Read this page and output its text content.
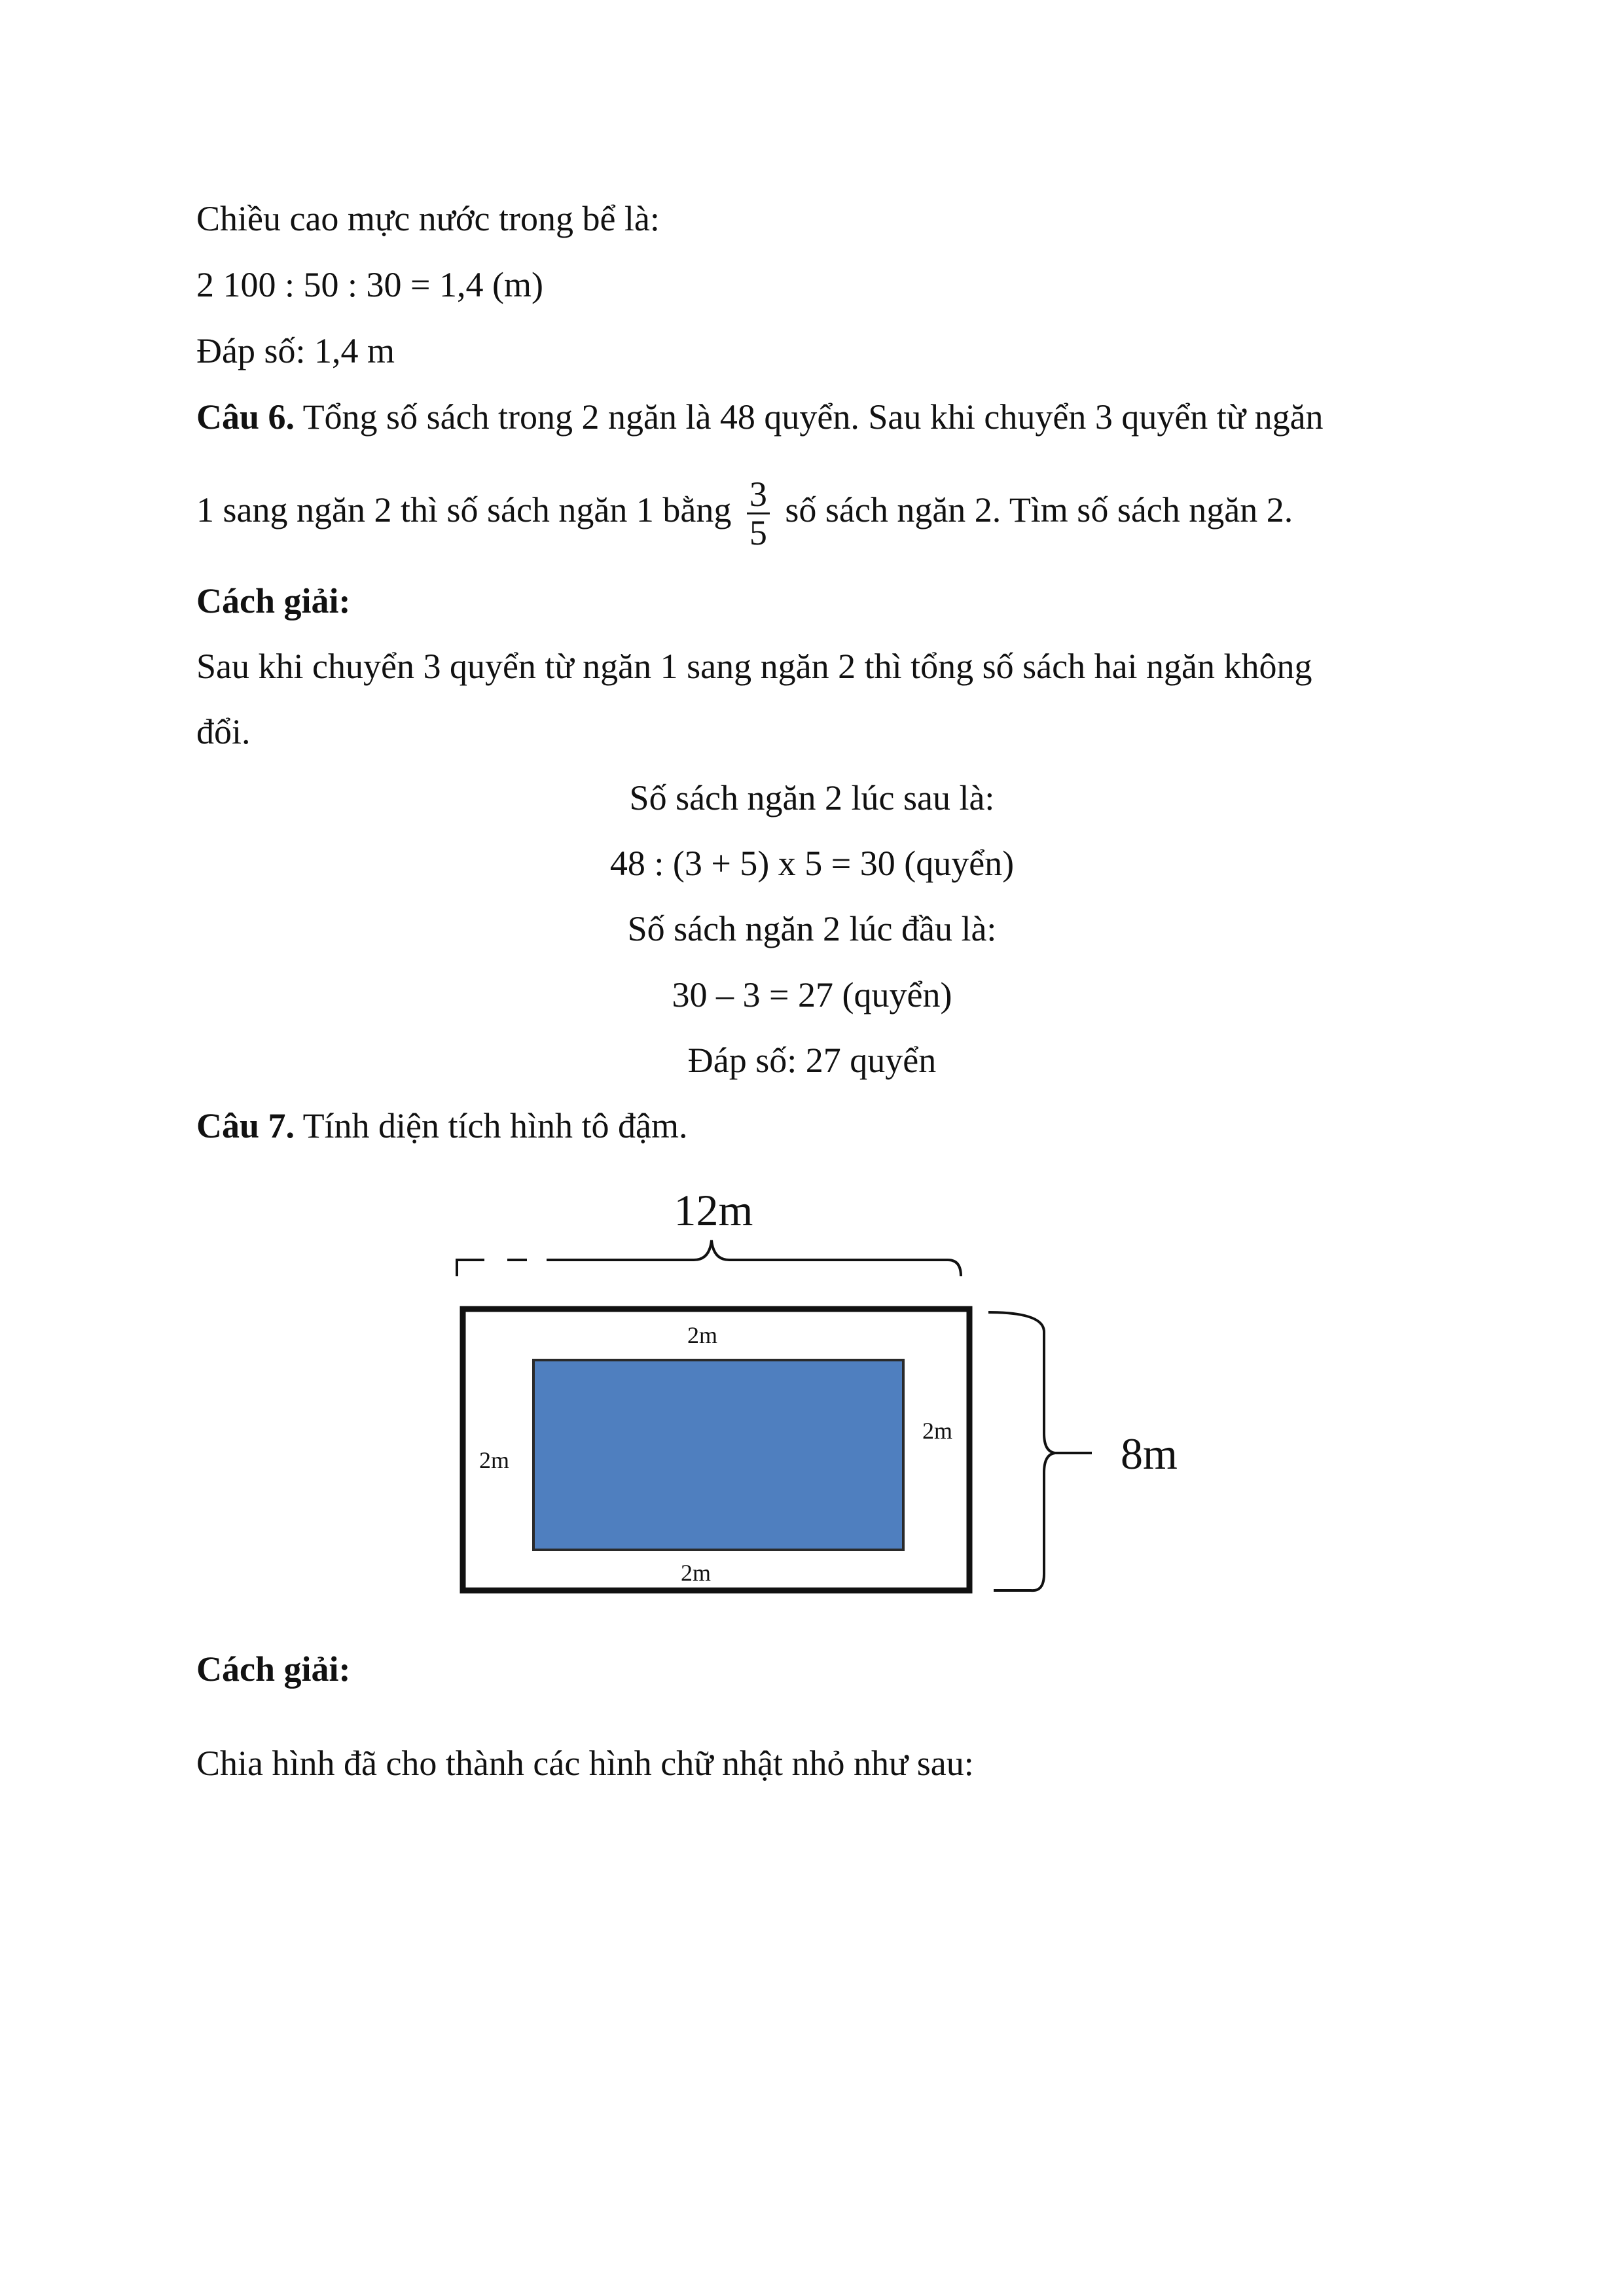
Chiều cao mực nước trong bể là:
2 100 : 50 : 30 = 1,4 (m)
Đáp số: 1,4 m
Câu 6. Tổng số sách trong 2 ngăn là 48 quyển. Sau khi chuyển 3 quyển từ ngăn
1 sang ngăn 2 thì số sách ngăn 1 bằng $\frac{3}{5}$ số sách ngăn 2. Tìm số sách ngăn 2.
Cách giải:
Sau khi chuyển 3 quyển từ ngăn 1 sang ngăn 2 thì tổng số sách hai ngăn không
đổi.
Số sách ngăn 2 lúc sau là:
48 : (3 + 5) x 5 = 30 (quyển)
Số sách ngăn 2 lúc đầu là:
30 – 3 = 27 (quyển)
Đáp số: 27 quyển
Câu 7. Tính diện tích hình tô đậm.
12m
2m
2m
2m
2m	8m
Cách giải:
Chia hình đã cho thành các hình chữ nhật nhỏ như sau:
